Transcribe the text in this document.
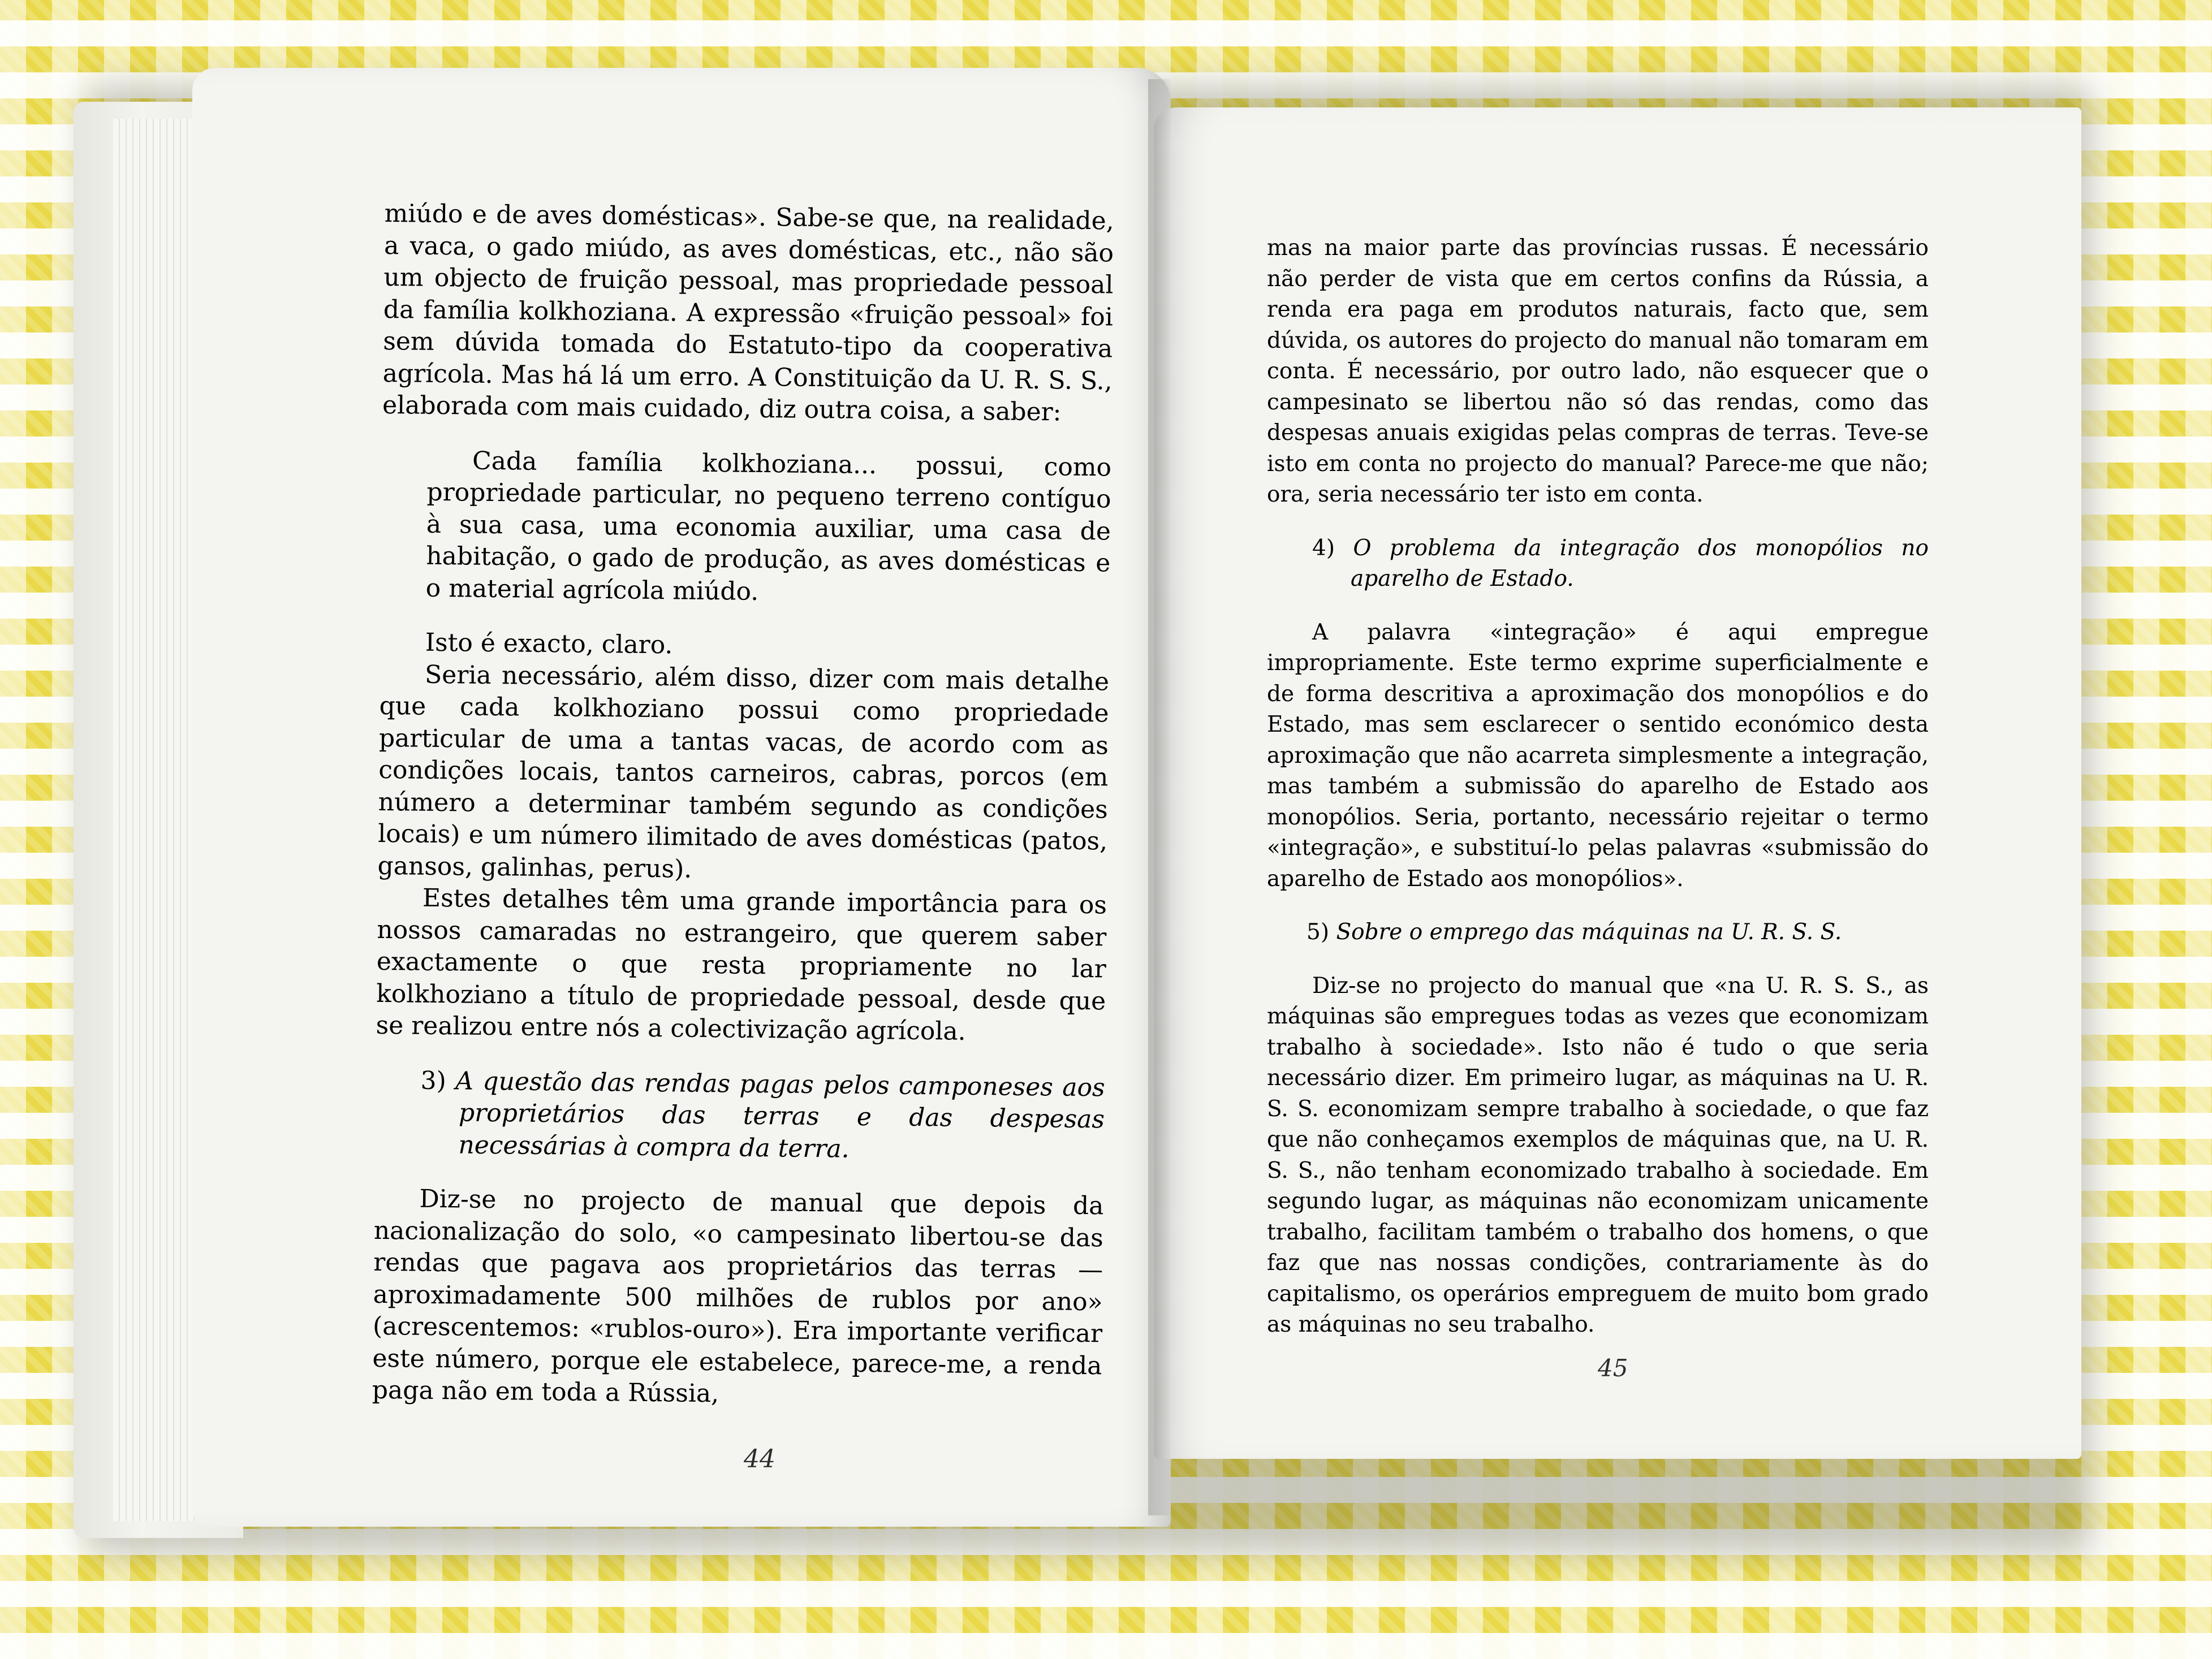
miúdo e de aves domésticas». Sabe-se que, na realidade, a vaca, o gado miúdo, as aves domésticas, etc., não são um objecto de fruição pessoal, mas propriedade pessoal da família kolkhoziana. A expressão «fruição pessoal» foi sem dúvida tomada do Estatuto-tipo da cooperativa agrícola. Mas há lá um erro. A Constituição da U. R. S. S., elaborada com mais cuidado, diz outra coisa, a saber:

Cada família kolkhoziana... possui, como propriedade particular, no pequeno terreno contíguo à sua casa, uma economia auxiliar, uma casa de habitação, o gado de produção, as aves domésticas e o material agrícola miúdo.

Isto é exacto, claro.

Seria necessário, além disso, dizer com mais detalhe que cada kolkhoziano possui como propriedade particular de uma a tantas vacas, de acordo com as condições locais, tantos carneiros, cabras, porcos (em número a determinar também segundo as condições locais) e um número ilimitado de aves domésticas (patos, gansos, galinhas, perus).

Estes detalhes têm uma grande importância para os nossos camaradas no estrangeiro, que querem saber exactamente o que resta propriamente no lar kolkhoziano a título de propriedade pessoal, desde que se realizou entre nós a colectivização agrícola.

3) A questão das rendas pagas pelos camponeses aos proprietários das terras e das despesas necessárias à compra da terra.

Diz-se no projecto de manual que depois da nacionalização do solo, «o campesinato libertou-se das rendas que pagava aos proprietários das terras — aproximadamente 500 milhões de rublos por ano» (acrescentemos: «rublos-ouro»). Era importante verificar este número, porque ele estabelece, parece-me, a renda paga não em toda a Rússia,

44

mas na maior parte das províncias russas. É necessário não perder de vista que em certos confins da Rússia, a renda era paga em produtos naturais, facto que, sem dúvida, os autores do projecto do manual não tomaram em conta. É necessário, por outro lado, não esquecer que o campesinato se libertou não só das rendas, como das despesas anuais exigidas pelas compras de terras. Teve-se isto em conta no projecto do manual? Parece-me que não; ora, seria necessário ter isto em conta.

4) O problema da integração dos monopólios no aparelho de Estado.

A palavra «integração» é aqui empregue impropriamente. Este termo exprime superficialmente e de forma descritiva a aproximação dos monopólios e do Estado, mas sem esclarecer o sentido económico desta aproximação que não acarreta simplesmente a integração, mas também a submissão do aparelho de Estado aos monopólios. Seria, portanto, necessário rejeitar o termo «integração», e substituí-lo pelas palavras «submissão do aparelho de Estado aos monopólios».

5) Sobre o emprego das máquinas na U. R. S. S.

Diz-se no projecto do manual que «na U. R. S. S., as máquinas são empregues todas as vezes que economizam trabalho à sociedade». Isto não é tudo o que seria necessário dizer. Em primeiro lugar, as máquinas na U. R. S. S. economizam sempre trabalho à sociedade, o que faz que não conheçamos exemplos de máquinas que, na U. R. S. S., não tenham economizado trabalho à sociedade. Em segundo lugar, as máquinas não economizam unicamente trabalho, facilitam também o trabalho dos homens, o que faz que nas nossas condições, contrariamente às do capitalismo, os operários empreguem de muito bom grado as máquinas no seu trabalho.

45
